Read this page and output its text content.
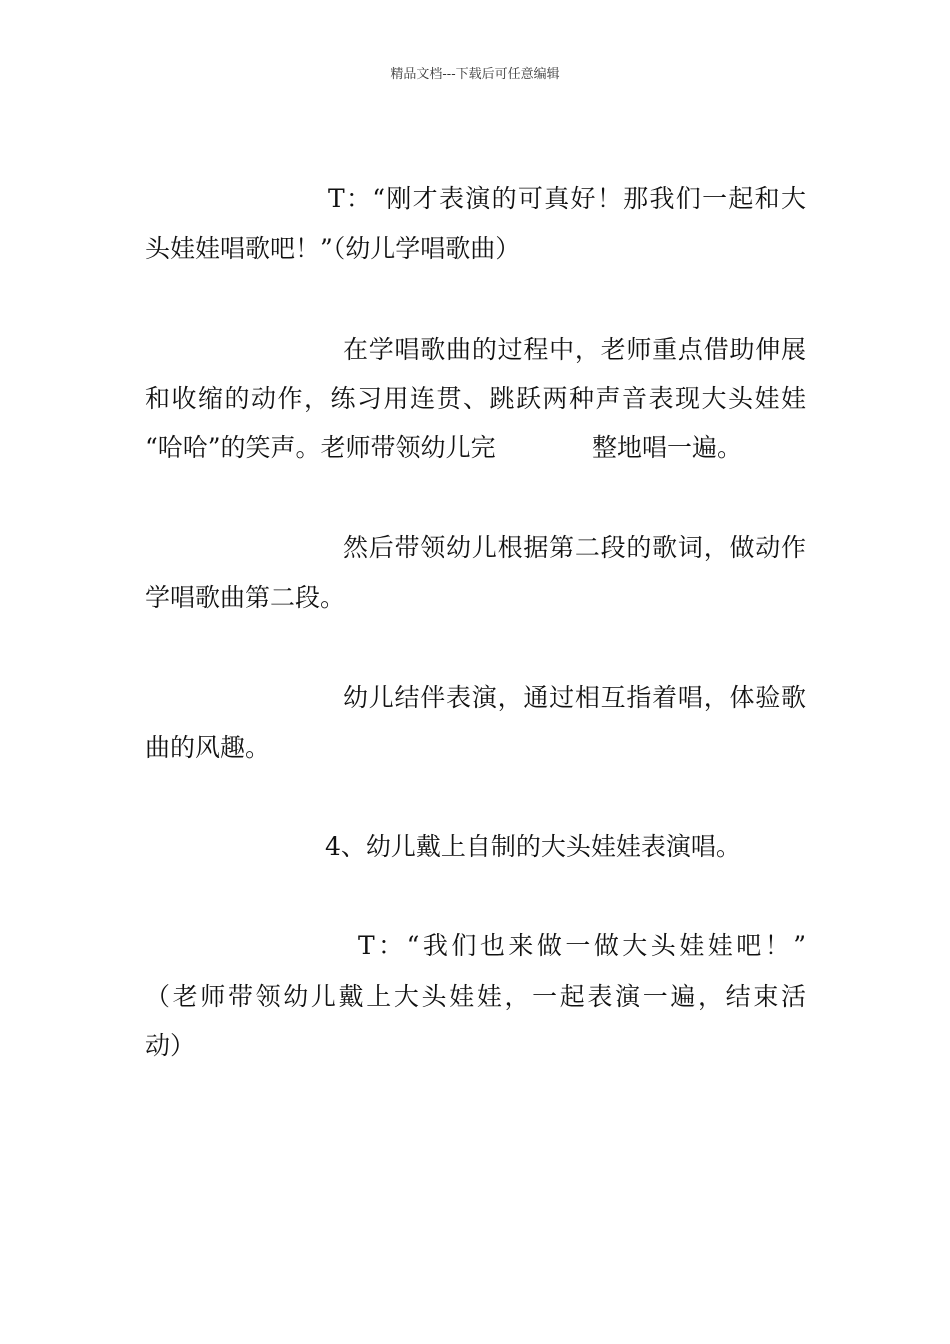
精品文档---下载后可任意编辑
T：“刚才表演的可真好！那我们一起和大
头娃娃唱歌吧！”（幼儿学唱歌曲）
在学唱歌曲的过程中，老师重点借助伸展
和收缩的动作，练习用连贯、跳跃两种声音表现大头娃娃
“哈哈”的笑声。老师带领幼儿完	整地唱一遍。
然后带领幼儿根据第二段的歌词，做动作
学唱歌曲第二段。
幼儿结伴表演，通过相互指着唱，体验歌
曲的风趣。
4、幼儿戴上自制的大头娃娃表演唱。
T：“我们也来做一做大头娃娃吧！”
（老师带领幼儿戴上大头娃娃，一起表演一遍，结束活
动）
